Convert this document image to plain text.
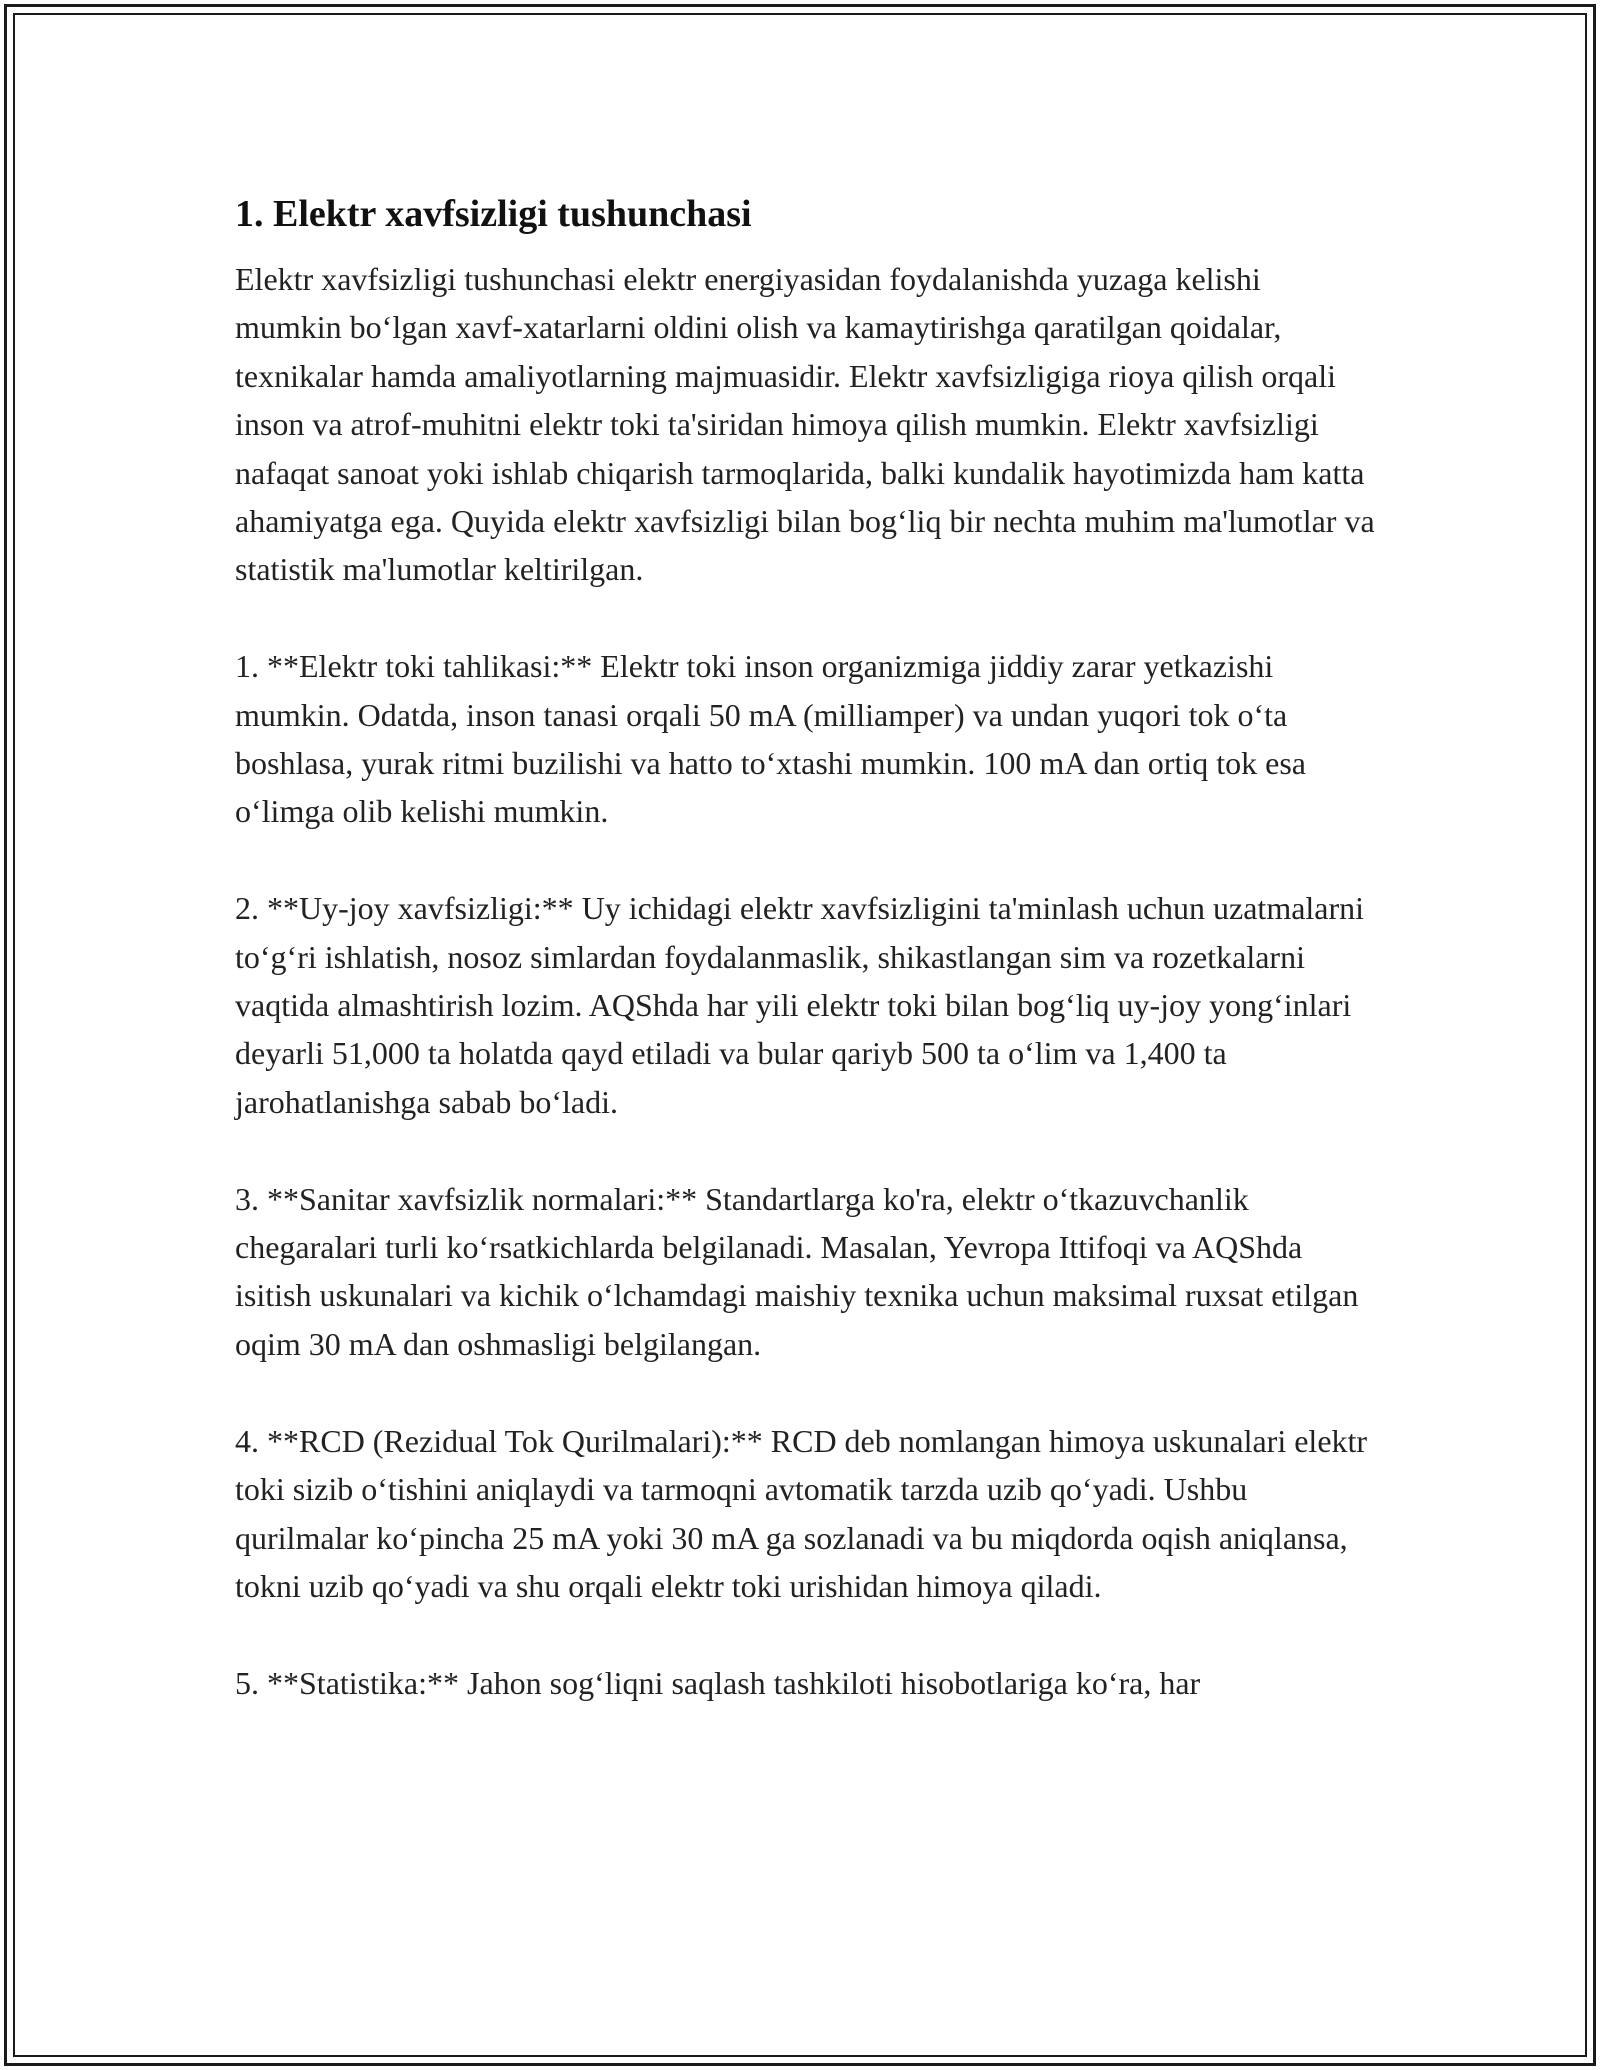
1. Elektr xavfsizligi tushunchasi

Elektr xavfsizligi tushunchasi elektr energiyasidan foydalanishda yuzaga kelishi mumkin boʻlgan xavf-xatarlarni oldini olish va kamaytirishga qaratilgan qoidalar, texnikalar hamda amaliyotlarning majmuasidir. Elektr xavfsizligiga rioya qilish orqali inson va atrof-muhitni elektr toki ta'siridan himoya qilish mumkin. Elektr xavfsizligi nafaqat sanoat yoki ishlab chiqarish tarmoqlarida, balki kundalik hayotimizda ham katta ahamiyatga ega. Quyida elektr xavfsizligi bilan bogʻliq bir nechta muhim ma'lumotlar va statistik ma'lumotlar keltirilgan.

1. **Elektr toki tahlikasi:** Elektr toki inson organizmiga jiddiy zarar yetkazishi mumkin. Odatda, inson tanasi orqali 50 mA (milliamper) va undan yuqori tok oʻta boshlasa, yurak ritmi buzilishi va hatto toʻxtashi mumkin. 100 mA dan ortiq tok esa oʻlimga olib kelishi mumkin.

2. **Uy-joy xavfsizligi:** Uy ichidagi elektr xavfsizligini ta'minlash uchun uzatmalarni toʻgʻri ishlatish, nosoz simlardan foydalanmaslik, shikastlangan sim va rozetkalarni vaqtida almashtirish lozim. AQShda har yili elektr toki bilan bogʻliq uy-joy yongʻinlari deyarli 51,000 ta holatda qayd etiladi va bular qariyb 500 ta oʻlim va 1,400 ta jarohatlanishga sabab boʻladi.

3. **Sanitar xavfsizlik normalari:** Standartlarga ko'ra, elektr oʻtkazuvchanlik chegaralari turli koʻrsatkichlarda belgilanadi. Masalan, Yevropa Ittifoqi va AQShda isitish uskunalari va kichik oʻlchamdagi maishiy texnika uchun maksimal ruxsat etilgan oqim 30 mA dan oshmasligi belgilangan.

4. **RCD (Rezidual Tok Qurilmalari):** RCD deb nomlangan himoya uskunalari elektr toki sizib oʻtishini aniqlaydi va tarmoqni avtomatik tarzda uzib qoʻyadi. Ushbu qurilmalar koʻpincha 25 mA yoki 30 mA ga sozlanadi va bu miqdorda oqish aniqlansa, tokni uzib qoʻyadi va shu orqali elektr toki urishidan himoya qiladi.

5. **Statistika:** Jahon sogʻliqni saqlash tashkiloti hisobotlariga koʻra, har
